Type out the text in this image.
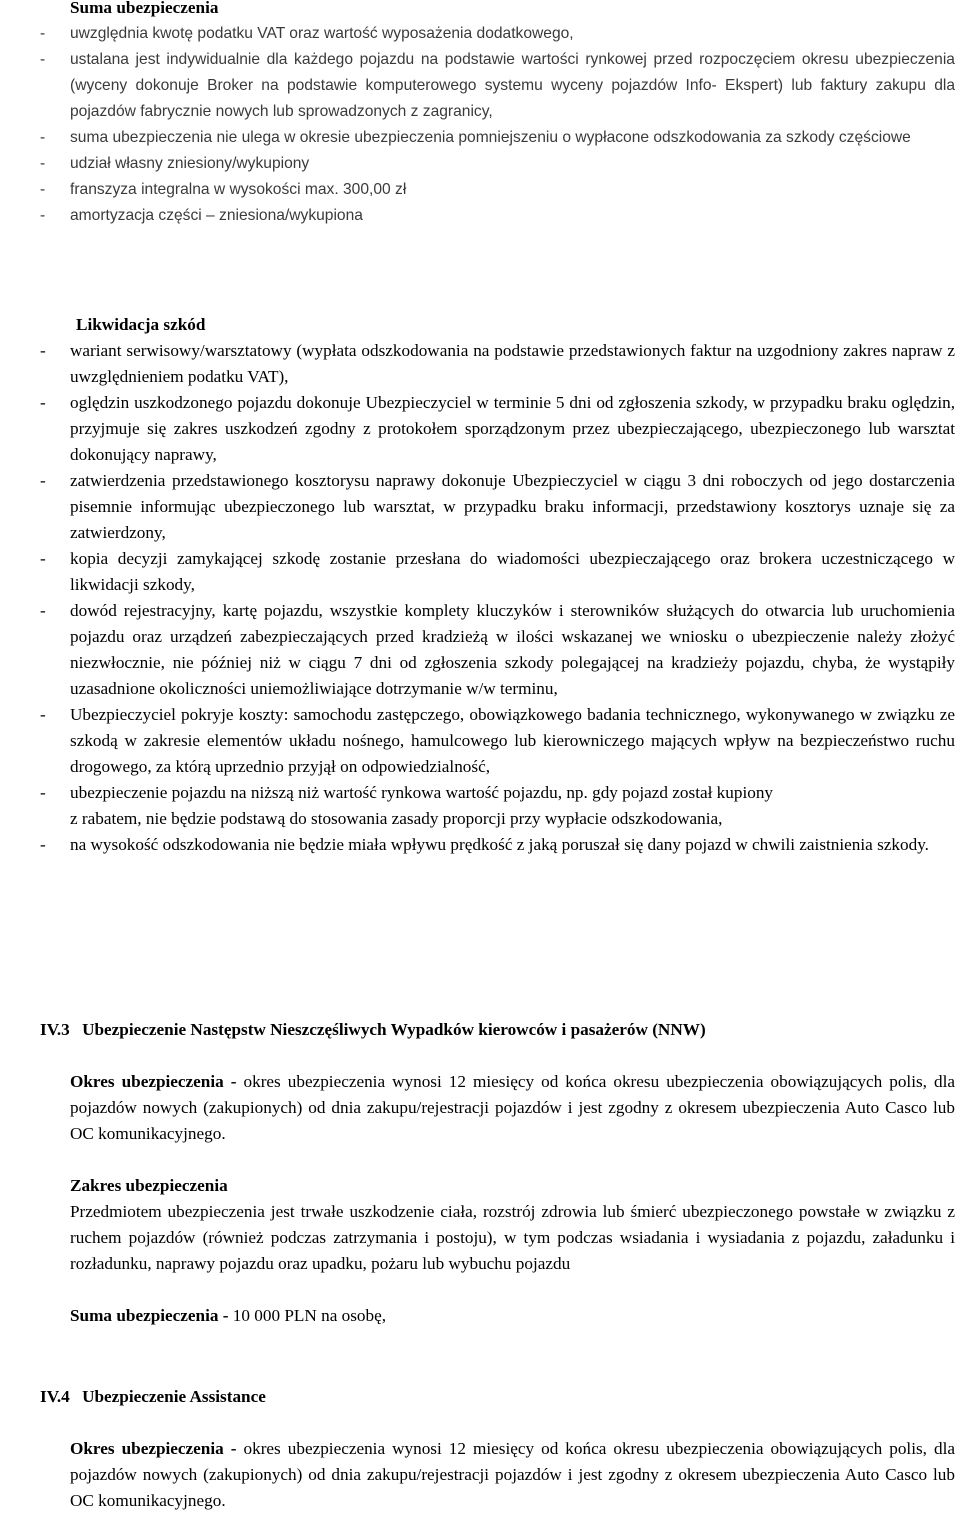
Suma ubezpieczenia
- uwzględnia kwotę podatku VAT oraz wartość wyposażenia dodatkowego,
- ustalana jest indywidualnie dla każdego pojazdu na podstawie wartości rynkowej przed rozpoczęciem okresu ubezpieczenia (wyceny dokonuje Broker na podstawie komputerowego systemu wyceny pojazdów Info- Ekspert) lub faktury zakupu dla pojazdów fabrycznie nowych lub sprowadzonych z zagranicy,
- suma ubezpieczenia nie ulega w okresie ubezpieczenia pomniejszeniu o wypłacone odszkodowania za szkody częściowe
- udział własny zniesiony/wykupiony
- franszyza integralna w wysokości max. 300,00 zł
- amortyzacja części – zniesiona/wykupiona
Likwidacja szkód
- wariant serwisowy/warsztatowy (wypłata odszkodowania na podstawie przedstawionych faktur na uzgodniony zakres napraw z uwzględnieniem podatku VAT),
- oględzin uszkodzonego pojazdu dokonuje Ubezpieczyciel w terminie 5 dni od zgłoszenia szkody, w przypadku braku oględzin, przyjmuje się zakres uszkodzeń zgodny z protokołem sporządzonym przez ubezpieczającego, ubezpieczonego lub warsztat dokonujący naprawy,
- zatwierdzenia przedstawionego kosztorysu naprawy dokonuje Ubezpieczyciel w ciągu 3 dni roboczych od jego dostarczenia pisemnie informując ubezpieczonego lub warsztat, w przypadku braku informacji, przedstawiony kosztorys uznaje się za zatwierdzony,
- kopia decyzji zamykającej szkodę zostanie przesłana do wiadomości ubezpieczającego oraz brokera uczestniczącego w likwidacji szkody,
- dowód rejestracyjny, kartę pojazdu, wszystkie komplety kluczyków i sterowników służących do otwarcia lub uruchomienia pojazdu oraz urządzeń zabezpieczających przed kradzieżą w ilości wskazanej we wniosku o ubezpieczenie należy złożyć niezwłocznie, nie później niż w ciągu 7 dni od zgłoszenia szkody polegającej na kradzieży pojazdu, chyba, że wystąpiły uzasadnione okoliczności uniemożliwiające dotrzymanie w/w terminu,
- Ubezpieczyciel pokryje koszty: samochodu zastępczego, obowiązkowego badania technicznego, wykonywanego w związku ze szkodą w zakresie elementów układu nośnego, hamulcowego lub kierowniczego mających wpływ na bezpieczeństwo ruchu drogowego, za którą uprzednio przyjął on odpowiedzialność,
- ubezpieczenie pojazdu na niższą niż wartość rynkowa wartość pojazdu, np. gdy pojazd został kupiony
z rabatem, nie będzie podstawą do stosowania zasady proporcji przy wypłacie odszkodowania,
- na wysokość odszkodowania nie będzie miała wpływu prędkość z jaką poruszał się dany pojazd w chwili zaistnienia szkody.
IV.3 Ubezpieczenie Następstw Nieszczęśliwych Wypadków kierowców i pasażerów (NNW)
Okres ubezpieczenia - okres ubezpieczenia wynosi 12 miesięcy od końca okresu ubezpieczenia obowiązujących polis, dla pojazdów nowych (zakupionych) od dnia zakupu/rejestracji pojazdów i jest zgodny z okresem ubezpieczenia Auto Casco lub OC komunikacyjnego.
Zakres ubezpieczenia
Przedmiotem ubezpieczenia jest trwałe uszkodzenie ciała, rozstrój zdrowia lub śmierć ubezpieczonego powstałe w związku z ruchem pojazdów (również podczas zatrzymania i postoju), w tym podczas wsiadania i wysiadania z pojazdu, załadunku i rozładunku, naprawy pojazdu oraz upadku, pożaru lub wybuchu pojazdu
Suma ubezpieczenia - 10 000 PLN na osobę,
IV.4 Ubezpieczenie Assistance
Okres ubezpieczenia - okres ubezpieczenia wynosi 12 miesięcy od końca okresu ubezpieczenia obowiązujących polis, dla pojazdów nowych (zakupionych) od dnia zakupu/rejestracji pojazdów i jest zgodny z okresem ubezpieczenia Auto Casco lub OC komunikacyjnego.
